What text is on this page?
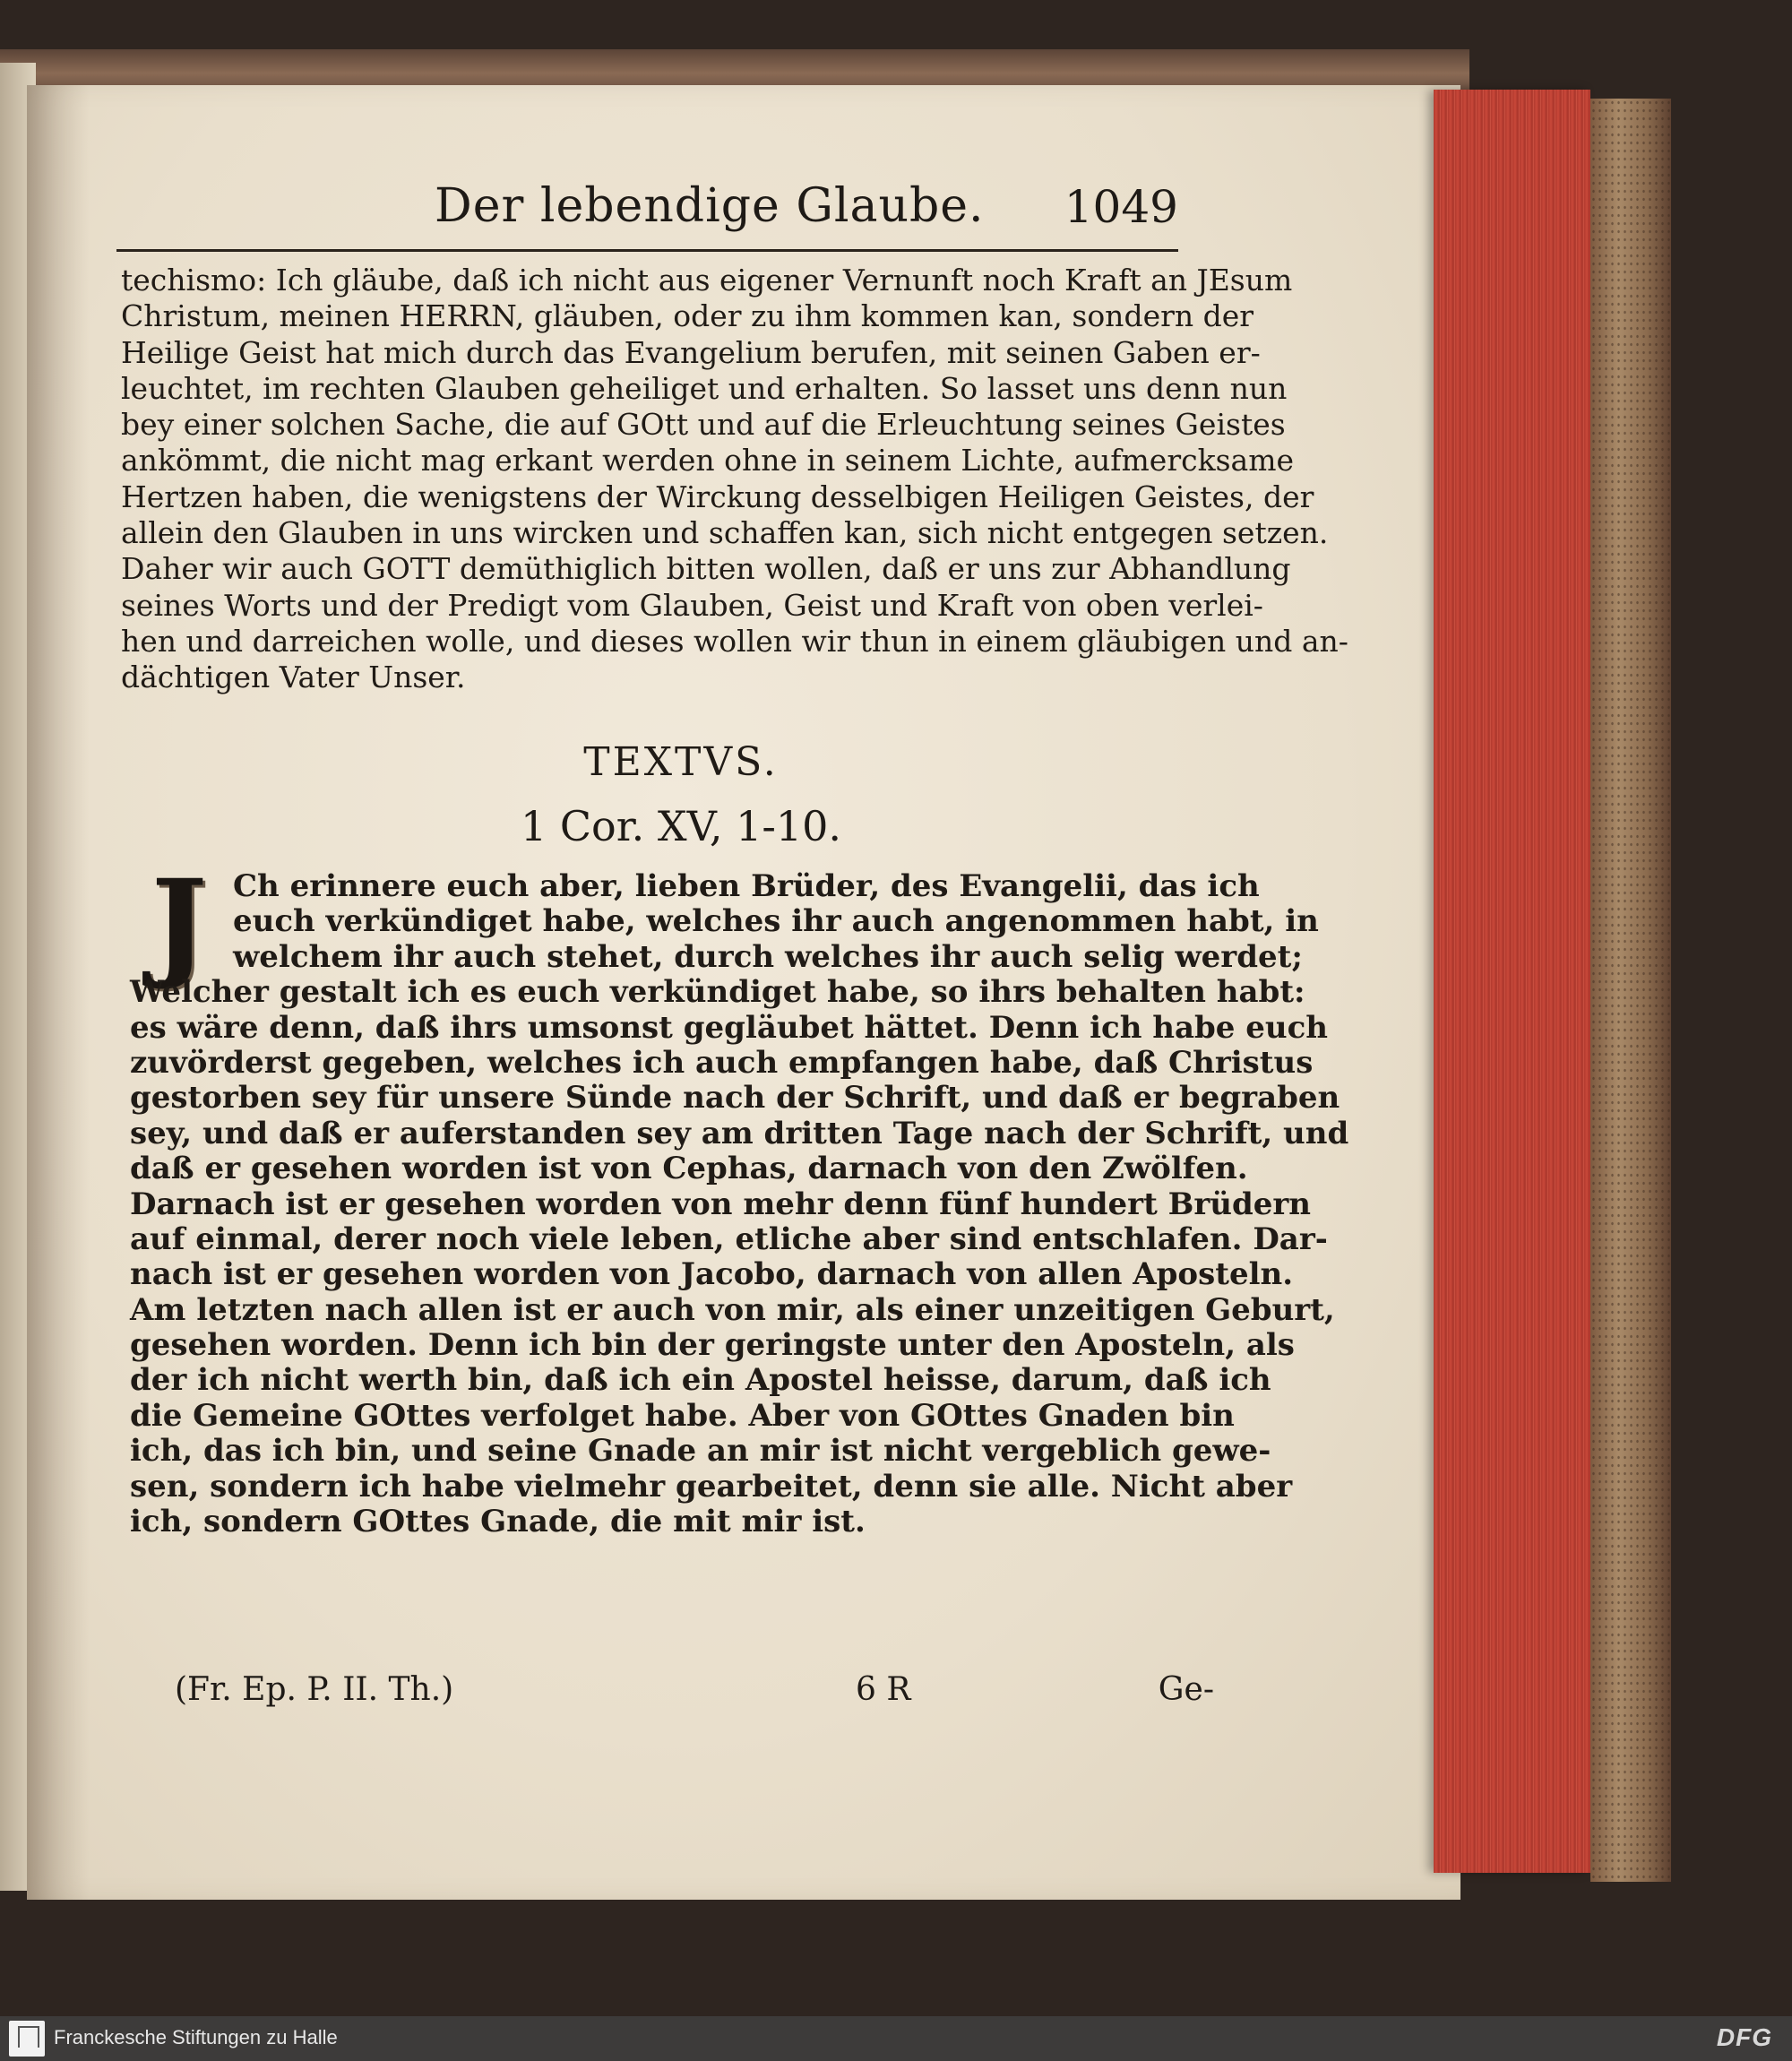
Der lebendige Glaube. 1049
techismo: Ich gläube, daß ich nicht aus eigener Vernunft noch Kraft an JEsum
Christum, meinen HERRN, gläuben, oder zu ihm kommen kan, sondern der
Heilige Geist hat mich durch das Evangelium berufen, mit seinen Gaben er-
leuchtet, im rechten Glauben geheiliget und erhalten. So lasset uns denn nun
bey einer solchen Sache, die auf GOtt und auf die Erleuchtung seines Geistes
ankömmt, die nicht mag erkant werden ohne in seinem Lichte, aufmercksame
Hertzen haben, die wenigstens der Wirckung desselbigen Heiligen Geistes, der
allein den Glauben in uns wircken und schaffen kan, sich nicht entgegen setzen.
Daher wir auch GOTT demüthiglich bitten wollen, daß er uns zur Abhandlung
seines Worts und der Predigt vom Glauben, Geist und Kraft von oben verlei-
hen und darreichen wolle, und dieses wollen wir thun in einem gläubigen und an-
dächtigen Vater Unser.
TEXTVS.
1 Cor. XV, 1-10.
J Ch erinnere euch aber, lieben Brüder, des Evangelii, das ich
euch verkündiget habe, welches ihr auch angenommen habt, in
welchem ihr auch stehet, durch welches ihr auch selig werdet;
Welcher gestalt ich es euch verkündiget habe, so ihrs behalten habt:
es wäre denn, daß ihrs umsonst gegläubet hättet. Denn ich habe euch
zuvörderst gegeben, welches ich auch empfangen habe, daß Christus
gestorben sey für unsere Sünde nach der Schrift, und daß er begraben
sey, und daß er auferstanden sey am dritten Tage nach der Schrift, und
daß er gesehen worden ist von Cephas, darnach von den Zwölfen.
Darnach ist er gesehen worden von mehr denn fünf hundert Brüdern
auf einmal, derer noch viele leben, etliche aber sind entschlafen. Dar-
nach ist er gesehen worden von Jacobo, darnach von allen Aposteln.
Am letzten nach allen ist er auch von mir, als einer unzeitigen Geburt,
gesehen worden. Denn ich bin der geringste unter den Aposteln, als
der ich nicht werth bin, daß ich ein Apostel heisse, darum, daß ich
die Gemeine GOttes verfolget habe. Aber von GOttes Gnaden bin
ich, das ich bin, und seine Gnade an mir ist nicht vergeblich gewe-
sen, sondern ich habe vielmehr gearbeitet, denn sie alle. Nicht aber
ich, sondern GOttes Gnade, die mit mir ist.
(Fr. Ep. P. II. Th.)	6 R	Ge-
Franckesche Stiftungen zu Halle	DFG
